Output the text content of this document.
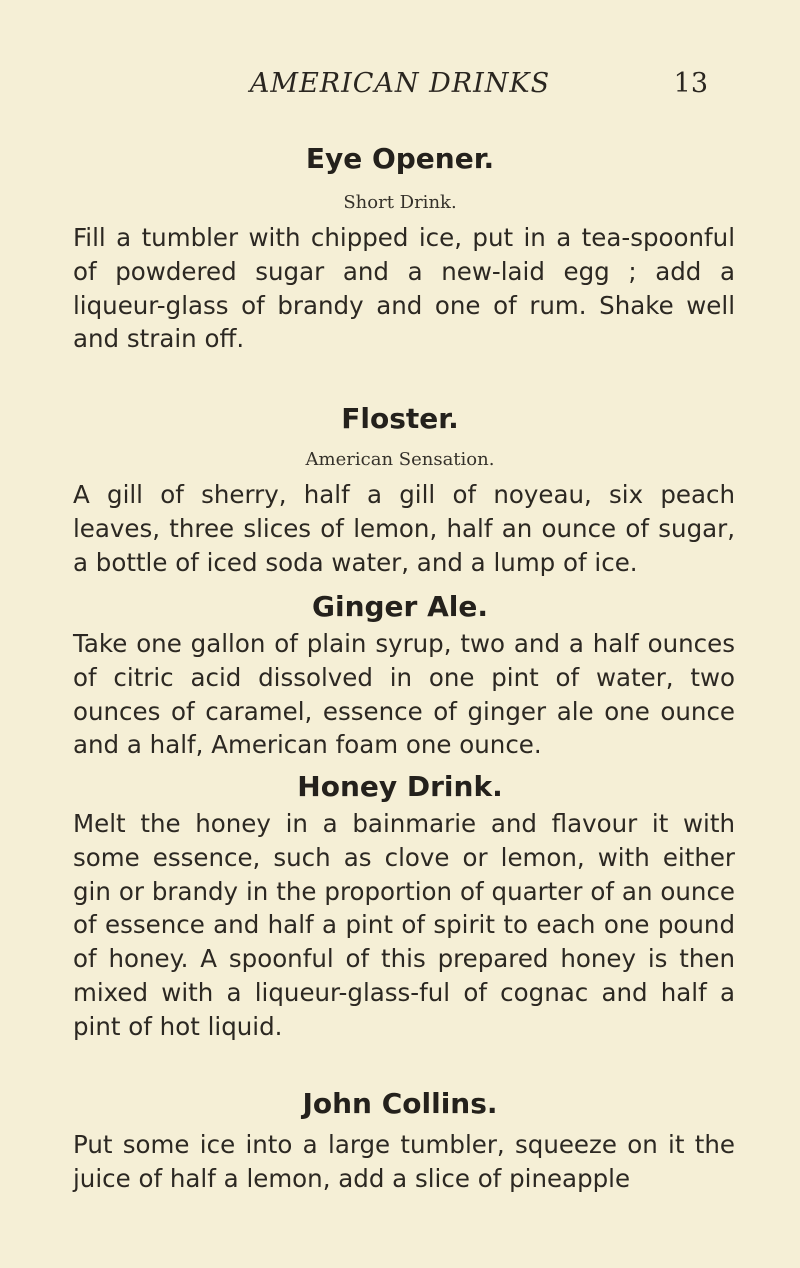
AMERICAN DRINKS	13
Eye Opener.

Short Drink.

Fill a tumbler with chipped ice, put in a tea-spoonful of powdered sugar and a new-laid egg ; add a liqueur-glass of brandy and one of rum. Shake well and strain off.

Floster.

American Sensation.

A gill of sherry, half a gill of noyeau, six peach leaves, three slices of lemon, half an ounce of sugar, a bottle of iced soda water, and a lump of ice.

Ginger Ale.

Take one gallon of plain syrup, two and a half ounces of citric acid dissolved in one pint of water, two ounces of caramel, essence of ginger ale one ounce and a half, American foam one ounce.

Honey Drink.

Melt the honey in a bainmarie and flavour it with some essence, such as clove or lemon, with either gin or brandy in the proportion of quarter of an ounce of essence and half a pint of spirit to each one pound of honey. A spoonful of this prepared honey is then mixed with a liqueur-glass-ful of cognac and half a pint of hot liquid.

John Collins.

Put some ice into a large tumbler, squeeze on it the juice of half a lemon, add a slice of pineapple
